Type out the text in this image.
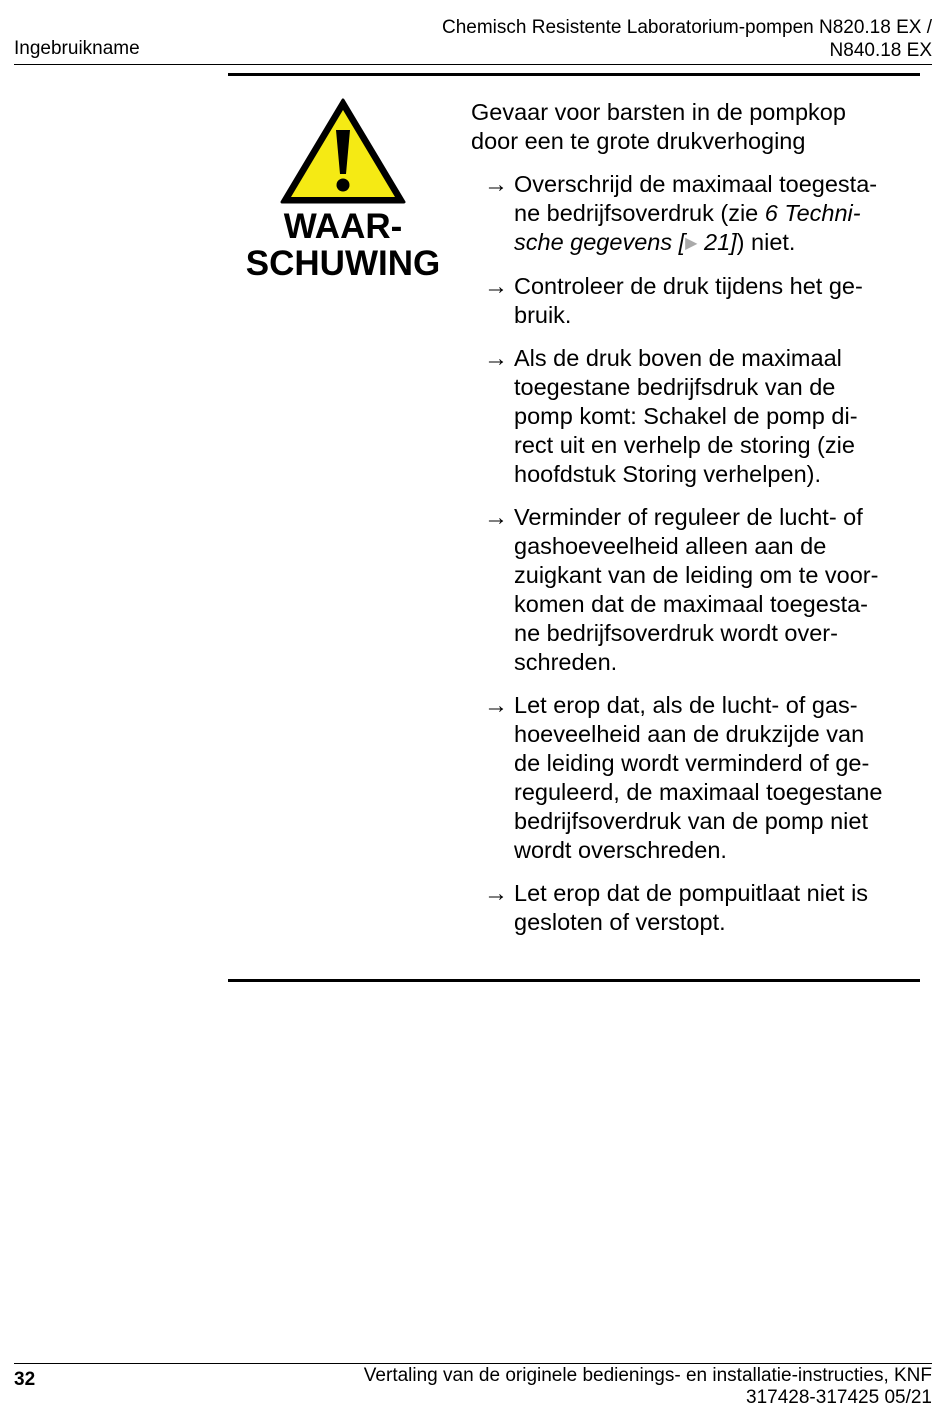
Ingebruikname
Chemisch Resistente Laboratorium-pompen N820.18 EX /
N840.18 EX
WAAR-
SCHUWING
Gevaar voor barsten in de pompkop
door een te grote drukverhoging
→ Overschrijd de maximaal toegesta-
ne bedrijfsoverdruk (zie 6 Techni-
sche gegevens [▶ 21]) niet.
→ Controleer de druk tijdens het ge-
bruik.
→ Als de druk boven de maximaal
toegestane bedrijfsdruk van de
pomp komt: Schakel de pomp di-
rect uit en verhelp de storing (zie
hoofdstuk Storing verhelpen).
→ Verminder of reguleer de lucht- of
gashoeveelheid alleen aan de
zuigkant van de leiding om te voor-
komen dat de maximaal toegesta-
ne bedrijfsoverdruk wordt over-
schreden.
→ Let erop dat, als de lucht- of gas-
hoeveelheid aan de drukzijde van
de leiding wordt verminderd of ge-
reguleerd, de maximaal toegestane
bedrijfsoverdruk van de pomp niet
wordt overschreden.
→ Let erop dat de pompuitlaat niet is
gesloten of verstopt.
32	Vertaling van de originele bedienings- en installatie-instructies, KNF
317428-317425 05/21
